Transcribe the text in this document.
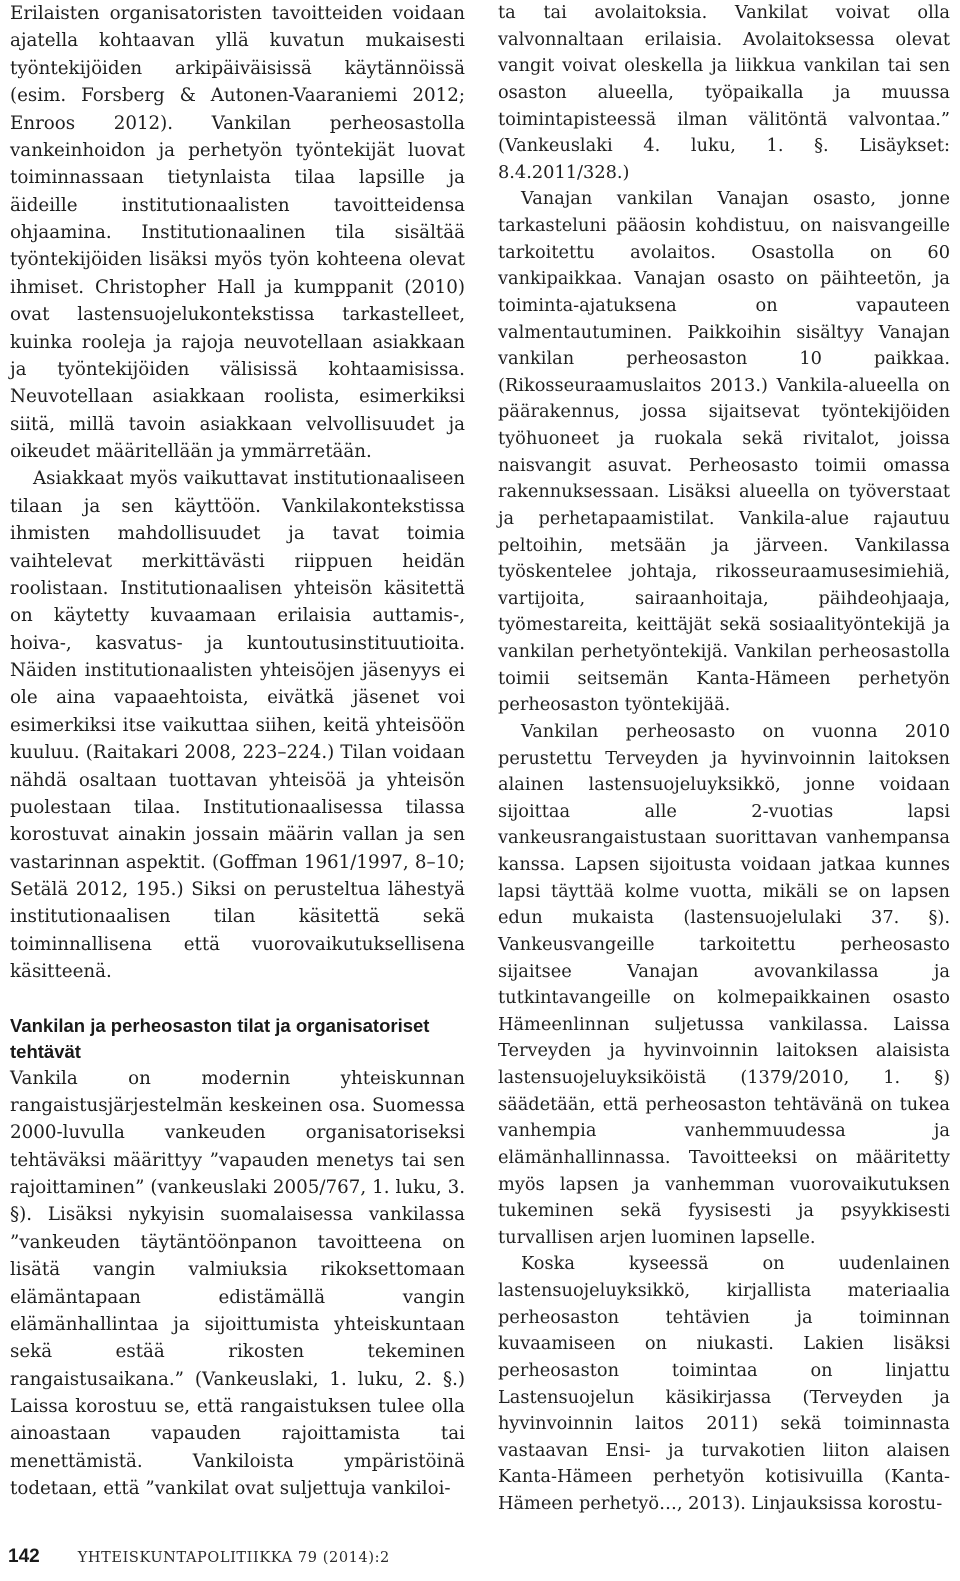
Erilaisten organisatoristen tavoitteiden voidaan ajatella kohtaavan yllä kuvatun mukaisesti työntekijöiden arkipäiväisissä käytännöissä (esim. Forsberg & Autonen-Vaaraniemi 2012; Enroos 2012). Vankilan perheosastolla vankeinhoidon ja perhetyön työntekijät luovat toiminnassaan tietynlaista tilaa lapsille ja äideille institutionaalisten tavoitteidensa ohjaamina. Institutionaalinen tila sisältää työntekijöiden lisäksi myös työn kohteena olevat ihmiset. Christopher Hall ja kumppanit (2010) ovat lastensuojelukontekstissa tarkastelleet, kuinka rooleja ja rajoja neuvotellaan asiakkaan ja työntekijöiden välisissä kohtaamisissa. Neuvotellaan asiakkaan roolista, esimerkiksi siitä, millä tavoin asiakkaan velvollisuudet ja oikeudet määritellään ja ymmärretään.

Asiakkaat myös vaikuttavat institutionaaliseen tilaan ja sen käyttöön. Vankilakontekstissa ihmisten mahdollisuudet ja tavat toimia vaihtelevat merkittävästi riippuen heidän roolistaan. Institutionaalisen yhteisön käsitettä on käytetty kuvaamaan erilaisia auttamis-, hoiva-, kasvatus- ja kuntoutusinstituutioita. Näiden institutionaalisten yhteisöjen jäsenyys ei ole aina vapaaehtoista, eivätkä jäsenet voi esimerkiksi itse vaikuttaa siihen, keitä yhteisöön kuuluu. (Raitakari 2008, 223–224.) Tilan voidaan nähdä osaltaan tuottavan yhteisöä ja yhteisön puolestaan tilaa. Institutionaalisessa tilassa korostuvat ainakin jossain määrin vallan ja sen vastarinnan aspektit. (Goffman 1961/1997, 8–10; Setälä 2012, 195.) Siksi on perusteltua lähestyä institutionaalisen tilan käsitettä sekä toiminnallisena että vuorovaikutuksellisena käsitteenä.

Vankilan ja perheosaston tilat ja organisatoriset tehtävät

Vankila on modernin yhteiskunnan rangaistusjärjestelmän keskeinen osa. Suomessa 2000-luvulla vankeuden organisatoriseksi tehtäväksi määrittyy ”vapauden menetys tai sen rajoittaminen” (vankeuslaki 2005/767, 1. luku, 3. §). Lisäksi nykyisin suomalaisessa vankilassa ”vankeuden täytäntöönpanon tavoitteena on lisätä vangin valmiuksia rikoksettomaan elämäntapaan edistämällä vangin elämänhallintaa ja sijoittumista yhteiskuntaan sekä estää rikosten tekeminen rangaistusaikana.” (Vankeuslaki, 1. luku, 2. §.) Laissa korostuu se, että rangaistuksen tulee olla ainoastaan vapauden rajoittamista tai menettämistä. Vankiloista ympäristöinä todetaan, että ”vankilat ovat suljettuja vankiloi-

ta tai avolaitoksia. Vankilat voivat olla valvonnaltaan erilaisia. Avolaitoksessa olevat vangit voivat oleskella ja liikkua vankilan tai sen osaston alueella, työpaikalla ja muussa toimintapisteessä ilman välitöntä valvontaa.” (Vankeuslaki 4. luku, 1. §. Lisäykset: 8.4.2011/328.)

Vanajan vankilan Vanajan osasto, jonne tarkasteluni pääosin kohdistuu, on naisvangeille tarkoitettu avolaitos. Osastolla on 60 vankipaikkaa. Vanajan osasto on päihteetön, ja toiminta-ajatuksena on vapauteen valmentautuminen. Paikkoihin sisältyy Vanajan vankilan perheosaston 10 paikkaa. (Rikosseuraamuslaitos 2013.) Vankila-alueella on päärakennus, jossa sijaitsevat työntekijöiden työhuoneet ja ruokala sekä rivitalot, joissa naisvangit asuvat. Perheosasto toimii omassa rakennuksessaan. Lisäksi alueella on työverstaat ja perhetapaamistilat. Vankila-alue rajautuu peltoihin, metsään ja järveen. Vankilassa työskentelee johtaja, rikosseuraamusesimiehiä, vartijoita, sairaanhoitaja, päihdeohjaaja, työmestareita, keittäjät sekä sosiaalityöntekijä ja vankilan perhetyöntekijä. Vankilan perheosastolla toimii seitsemän Kanta-Hämeen perhetyön perheosaston työntekijää.

Vankilan perheosasto on vuonna 2010 perustettu Terveyden ja hyvinvoinnin laitoksen alainen lastensuojeluyksikkö, jonne voidaan sijoittaa alle 2-vuotias lapsi vankeusrangaistustaan suorittavan vanhempansa kanssa. Lapsen sijoitusta voidaan jatkaa kunnes lapsi täyttää kolme vuotta, mikäli se on lapsen edun mukaista (lastensuojelulaki 37. §). Vankeusvangeille tarkoitettu perheosasto sijaitsee Vanajan avovankilassa ja tutkintavangeille on kolmepaikkainen osasto Hämeenlinnan suljetussa vankilassa. Laissa Terveyden ja hyvinvoinnin laitoksen alaisista lastensuojeluyksiköistä (1379/2010, 1. §) säädetään, että perheosaston tehtävänä on tukea vanhempia vanhemmuudessa ja elämänhallinnassa. Tavoitteeksi on määritetty myös lapsen ja vanhemman vuorovaikutuksen tukeminen sekä fyysisesti ja psyykkisesti turvallisen arjen luominen lapselle.

Koska kyseessä on uudenlainen lastensuojeluyksikkö, kirjallista materiaalia perheosaston tehtävien ja toiminnan kuvaamiseen on niukasti. Lakien lisäksi perheosaston toimintaa on linjattu Lastensuojelun käsikirjassa (Terveyden ja hyvinvoinnin laitos 2011) sekä toiminnasta vastaavan Ensi- ja turvakotien liiton alaisen Kanta-Hämeen perhetyön kotisivuilla (Kanta-Hämeen perhetyö…, 2013). Linjauksissa korostu-

142	YHTEISKUNTAPOLITIIKKA 79 (2014):2
